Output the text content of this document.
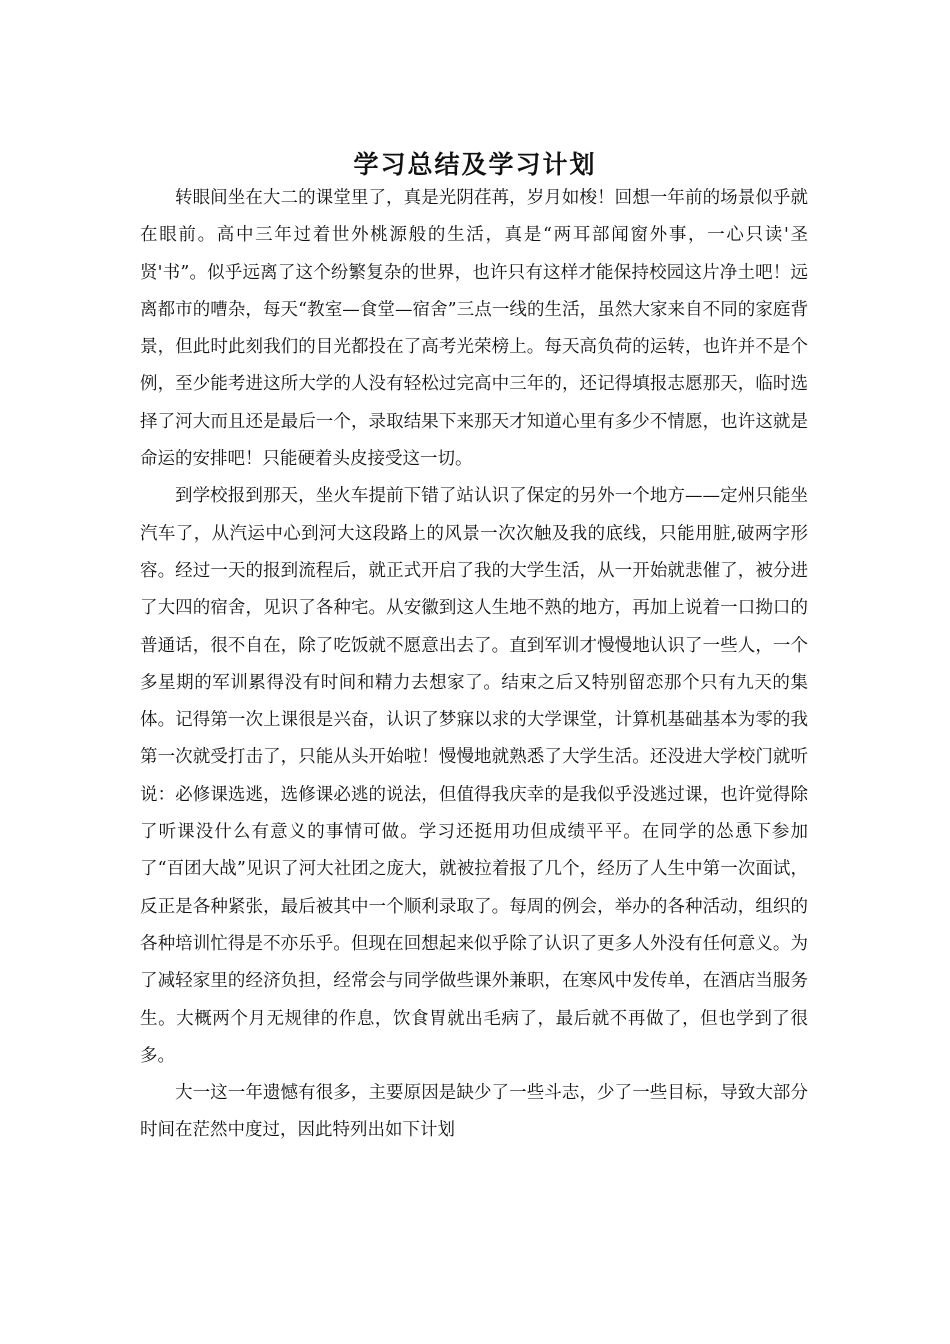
学习总结及学习计划

转眼间坐在大二的课堂里了，真是光阴荏苒，岁月如梭！回想一年前的场景似乎就在眼前。高中三年过着世外桃源般的生活，真是“两耳部闻窗外事，一心只读'圣贤'书”。似乎远离了这个纷繁复杂的世界，也许只有这样才能保持校园这片净土吧！远离都市的嘈杂，每天“教室—食堂—宿舍”三点一线的生活，虽然大家来自不同的家庭背景，但此时此刻我们的目光都投在了高考光荣榜上。每天高负荷的运转，也许并不是个例，至少能考进这所大学的人没有轻松过完高中三年的，还记得填报志愿那天，临时选择了河大而且还是最后一个，录取结果下来那天才知道心里有多少不情愿，也许这就是命运的安排吧！只能硬着头皮接受这一切。

到学校报到那天，坐火车提前下错了站认识了保定的另外一个地方——定州只能坐汽车了，从汽运中心到河大这段路上的风景一次次触及我的底线，只能用脏,破两字形容。经过一天的报到流程后，就正式开启了我的大学生活，从一开始就悲催了，被分进了大四的宿舍，见识了各种宅。从安徽到这人生地不熟的地方，再加上说着一口拗口的普通话，很不自在，除了吃饭就不愿意出去了。直到军训才慢慢地认识了一些人，一个多星期的军训累得没有时间和精力去想家了。结束之后又特别留恋那个只有九天的集体。记得第一次上课很是兴奋，认识了梦寐以求的大学课堂，计算机基础基本为零的我第一次就受打击了，只能从头开始啦！慢慢地就熟悉了大学生活。还没进大学校门就听说：必修课选逃，选修课必逃的说法，但值得我庆幸的是我似乎没逃过课，也许觉得除了听课没什么有意义的事情可做。学习还挺用功但成绩平平。在同学的怂恿下参加了“百团大战”见识了河大社团之庞大，就被拉着报了几个，经历了人生中第一次面试，反正是各种紧张，最后被其中一个顺利录取了。每周的例会，举办的各种活动，组织的各种培训忙得是不亦乐乎。但现在回想起来似乎除了认识了更多人外没有任何意义。为了减轻家里的经济负担，经常会与同学做些课外兼职，在寒风中发传单，在酒店当服务生。大概两个月无规律的作息，饮食胃就出毛病了，最后就不再做了，但也学到了很多。

大一这一年遗憾有很多，主要原因是缺少了一些斗志，少了一些目标，导致大部分时间在茫然中度过，因此特列出如下计划
